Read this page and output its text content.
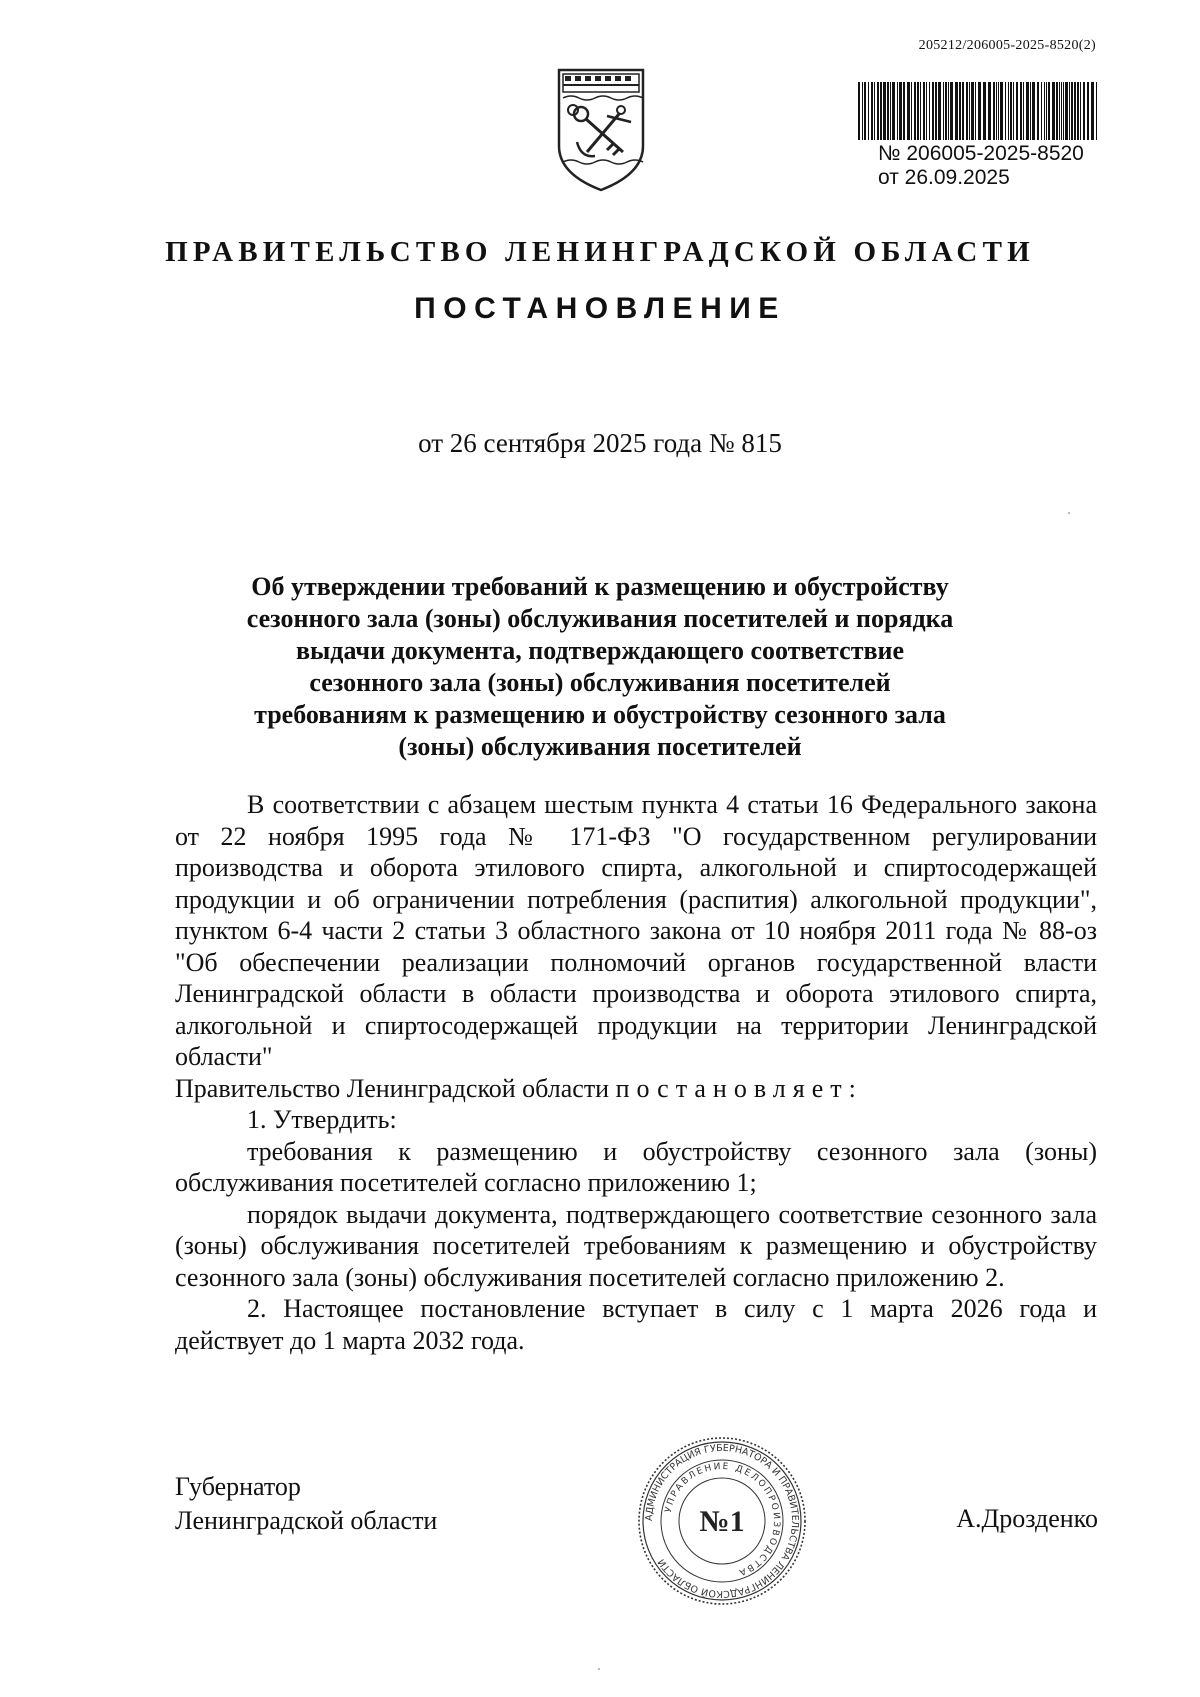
205212/206005-2025-8520(2)
№ 206005-2025-8520
от 26.09.2025
ПРАВИТЕЛЬСТВО ЛЕНИНГРАДСКОЙ ОБЛАСТИ
ПОСТАНОВЛЕНИЕ
от 26 сентября 2025 года № 815
Об утверждении требований к размещению и обустройству
сезонного зала (зоны) обслуживания посетителей и порядка
выдачи документа, подтверждающего соответствие
сезонного зала (зоны) обслуживания посетителей
требованиям к размещению и обустройству сезонного зала
(зоны) обслуживания посетителей

В соответствии с абзацем шестым пункта 4 статьи 16 Федерального закона от 22 ноября 1995 года № 171-ФЗ "О государственном регулировании производства и оборота этилового спирта, алкогольной и спиртосодержащей продукции и об ограничении потребления (распития) алкогольной продукции", пунктом 6-4 части 2 статьи 3 областного закона от 10 ноября 2011 года № 88-оз "Об обеспечении реализации полномочий органов государственной власти Ленинградской области в области производства и оборота этилового спирта, алкогольной и спиртосодержащей продукции на территории Ленинградской области"

Правительство Ленинградской области постановляет:

1. Утвердить:

требования к размещению и обустройству сезонного зала (зоны) обслуживания посетителей согласно приложению 1;

порядок выдачи документа, подтверждающего соответствие сезонного зала (зоны) обслуживания посетителей требованиям к размещению и обустройству сезонного зала (зоны) обслуживания посетителей согласно приложению 2.

2. Настоящее постановление вступает в силу с 1 марта 2026 года и действует до 1 марта 2032 года.

Губернатор
Ленинградской области	АДМИНИСТРАЦИЯ ГУБЕРНАТОРА И ПРАВИТЕЛЬСТВА ЛЕНИНГРАДСКОЙ ОБЛАСТИ
УПРАВЛЕНИЕ ДЕЛОПРОИЗВОДСТВА
№1	А.Дрозденко
